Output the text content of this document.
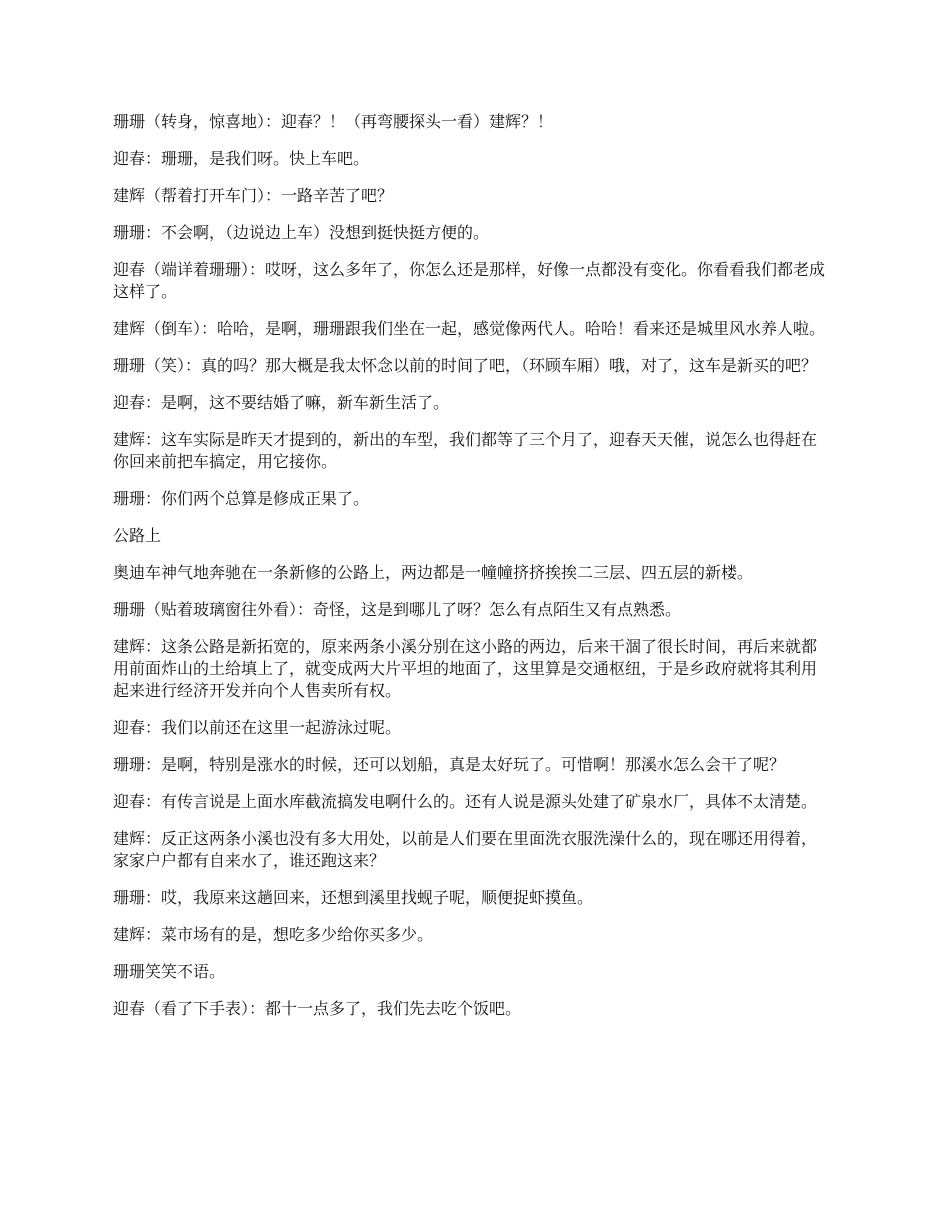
珊珊（转身，惊喜地）：迎春？！（再弯腰探头一看）建辉？！

迎春：珊珊，是我们呀。快上车吧。

建辉（帮着打开车门）：一路辛苦了吧？

珊珊：不会啊，（边说边上车）没想到挺快挺方便的。

迎春（端详着珊珊）：哎呀，这么多年了，你怎么还是那样，好像一点都没有变化。你看看我们都老成这样了。

建辉（倒车）：哈哈，是啊，珊珊跟我们坐在一起，感觉像两代人。哈哈！看来还是城里风水养人啦。

珊珊（笑）：真的吗？那大概是我太怀念以前的时间了吧，（环顾车厢）哦，对了，这车是新买的吧？

迎春：是啊，这不要结婚了嘛，新车新生活了。

建辉：这车实际是昨天才提到的，新出的车型，我们都等了三个月了，迎春天天催，说怎么也得赶在你回来前把车搞定，用它接你。

珊珊：你们两个总算是修成正果了。

公路上

奥迪车神气地奔驰在一条新修的公路上，两边都是一幢幢挤挤挨挨二三层、四五层的新楼。

珊珊（贴着玻璃窗往外看）：奇怪，这是到哪儿了呀？怎么有点陌生又有点熟悉。

建辉：这条公路是新拓宽的，原来两条小溪分别在这小路的两边，后来干涸了很长时间，再后来就都用前面炸山的土给填上了，就变成两大片平坦的地面了，这里算是交通枢纽，于是乡政府就将其利用起来进行经济开发并向个人售卖所有权。

迎春：我们以前还在这里一起游泳过呢。

珊珊：是啊，特别是涨水的时候，还可以划船，真是太好玩了。可惜啊！那溪水怎么会干了呢？

迎春：有传言说是上面水库截流搞发电啊什么的。还有人说是源头处建了矿泉水厂，具体不太清楚。

建辉：反正这两条小溪也没有多大用处，以前是人们要在里面洗衣服洗澡什么的，现在哪还用得着，家家户户都有自来水了，谁还跑这来？

珊珊：哎，我原来这趟回来，还想到溪里找蚬子呢，顺便捉虾摸鱼。

建辉：菜市场有的是，想吃多少给你买多少。

珊珊笑笑不语。

迎春（看了下手表）：都十一点多了，我们先去吃个饭吧。
